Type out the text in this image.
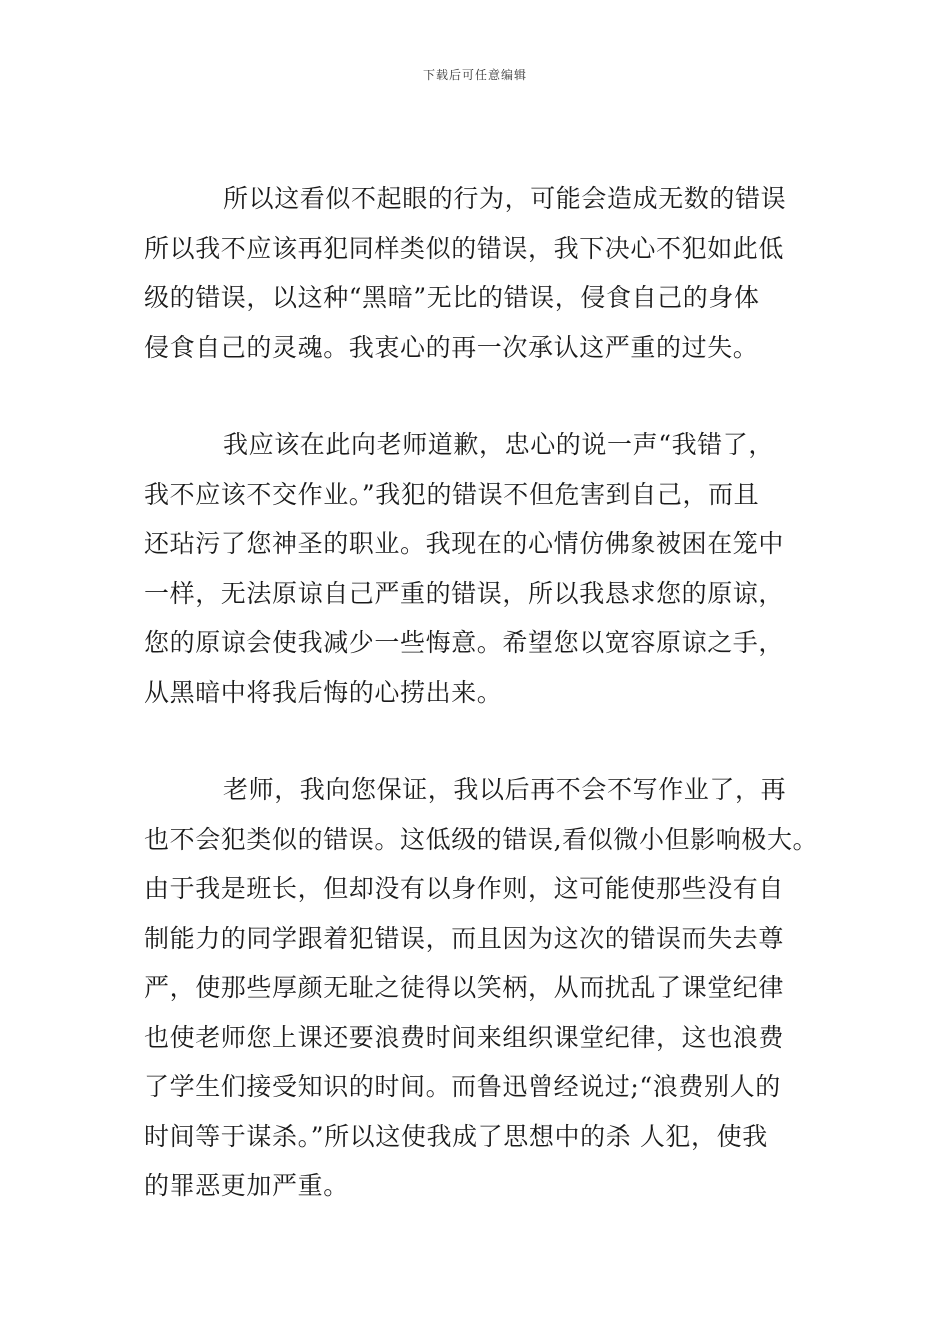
下载后可任意编辑
所以这看似不起眼的行为，可能会造成无数的错误
所以我不应该再犯同样类似的错误，我下决心不犯如此低
级的错误，以这种“黑暗”无比的错误，侵食自己的身体
侵食自己的灵魂。我衷心的再一次承认这严重的过失。
我应该在此向老师道歉，忠心的说一声“我错了，
我不应该不交作业。”我犯的错误不但危害到自己，而且
还玷污了您神圣的职业。我现在的心情仿佛象被困在笼中
一样，无法原谅自己严重的错误，所以我恳求您的原谅，
您的原谅会使我减少一些悔意。希望您以宽容原谅之手，
从黑暗中将我后悔的心捞出来。
老师，我向您保证，我以后再不会不写作业了，再
也不会犯类似的错误。这低级的错误,看似微小但影响极大。
由于我是班长，但却没有以身作则，这可能使那些没有自
制能力的同学跟着犯错误，而且因为这次的错误而失去尊
严，使那些厚颜无耻之徒得以笑柄，从而扰乱了课堂纪律
也使老师您上课还要浪费时间来组织课堂纪律，这也浪费
了学生们接受知识的时间。而鲁迅曾经说过;“浪费别人的
时间等于谋杀。”所以这使我成了思想中的杀 人犯，使我
的罪恶更加严重。
